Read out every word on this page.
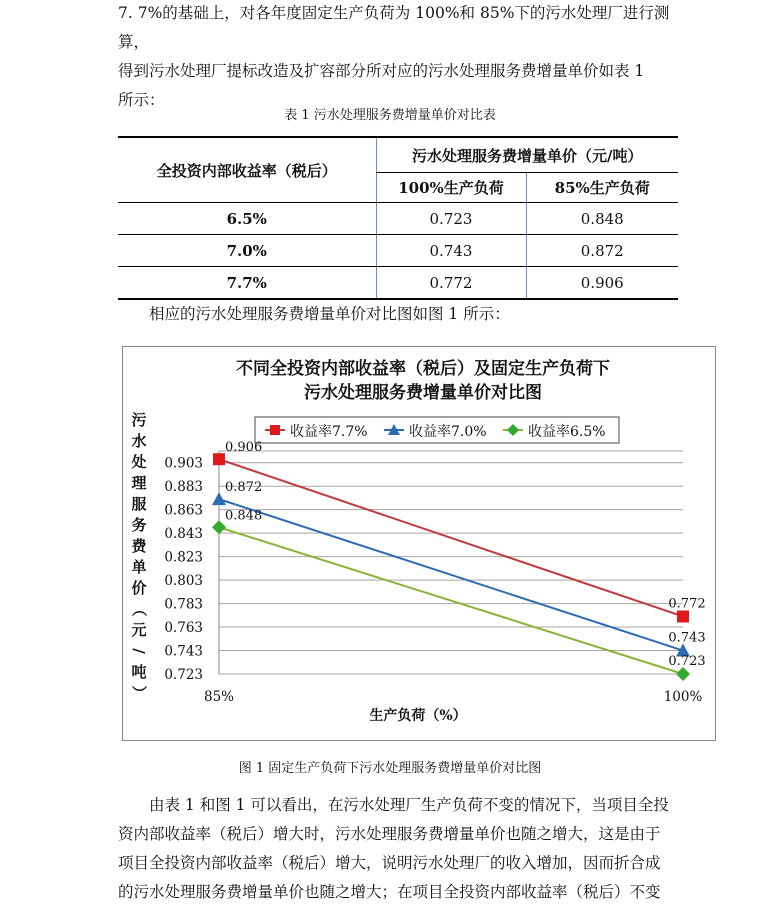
7. 7%的基础上，对各年度固定生产负荷为 100%和 85%下的污水处理厂进行测算，
得到污水处理厂提标改造及扩容部分所对应的污水处理服务费增量单价如表 1
所示：
表 1 污水处理服务费增量单价对比表
全投资内部收益率（税后）	污水处理服务费增量单价（元/吨）	
	100%生产负荷	85%生产负荷
6.5%	0.723	0.848
7.0%	0.743	0.872
7.7%	0.772	0.906
相应的污水处理服务费增量单价对比图如图 1 所示：
不同全投资内部收益率（税后）及固定生产负荷下
污水处理服务费增量单价对比图
收益率7.7%	收益率7.0%	收益率6.5%
污
水
处
理
服
务
费
单
价
（
元
/
吨
）
0.903
0.883
0.863
0.843
0.823
0.803
0.783
0.763
0.743
0.723
85%	100%
0.906
0.772
0.872
0.743
0.848
0.723
生产负荷（%）
图 1 固定生产负荷下污水处理服务费增量单价对比图
由表 1 和图 1 可以看出，在污水处理厂生产负荷不变的情况下，当项目全投
资内部收益率（税后）增大时，污水处理服务费增量单价也随之增大，这是由于
项目全投资内部收益率（税后）增大，说明污水处理厂的收入增加，因而折合成
的污水处理服务费增量单价也随之增大；在项目全投资内部收益率（税后）不变
